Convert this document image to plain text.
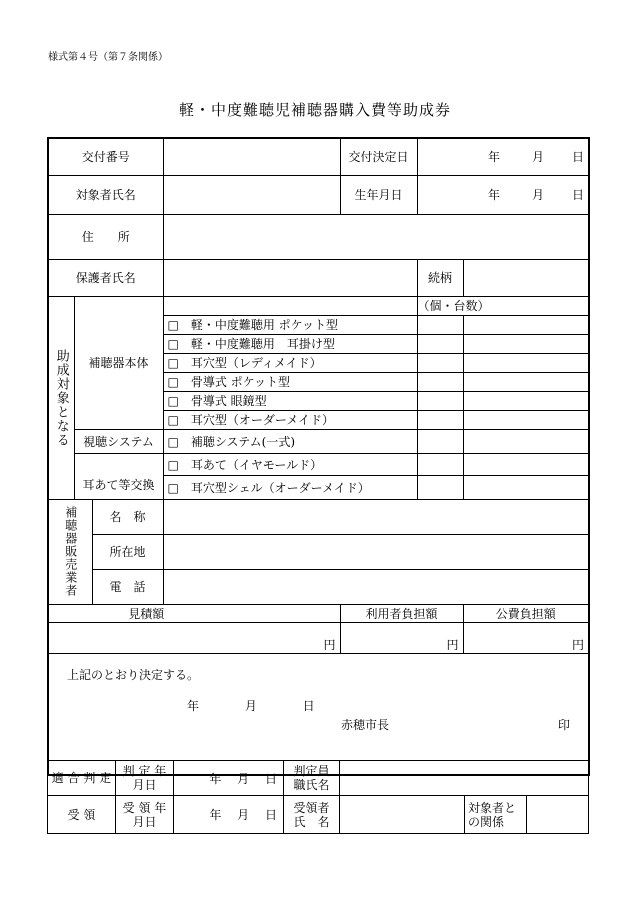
様式第４号（第７条関係）
軽・中度難聴児補聴器購入費等助成券
交付番号				交付決定日	年 月 日	

対象者氏名				生年月日	年 月 日	

住　　所						
保護者氏名					続柄	
助成対象となる	補聴器本体				（個・台数）	
			□　軽・中度難聴用 ポケット型			
			□　軽・中度難聴用　耳掛け型			
			□　耳穴型（レディメイド）			
			□　骨導式 ポケット型			
			□　骨導式 眼鏡型			
			□　耳穴型（オーダーメイド）			
	視聴システム		□　補聴システム(一式)			
	耳あて等交換		□　耳あて（イヤモールド）			
			□　耳穴型シェル（オーダーメイド）			
補聴器販売業者		名　称				
		所在地				
		電　話				
見積額				利用者負担額		公費負担額
円				円		円

上記のとおり決定する。
年 月 日
赤穂市長 印						
適 合 判 定	判 定 年月日	年 月 日	判定員 職氏名			
受 領	受 領 年月日	年 月 日	受領者 氏　名		対象者と の関係	
